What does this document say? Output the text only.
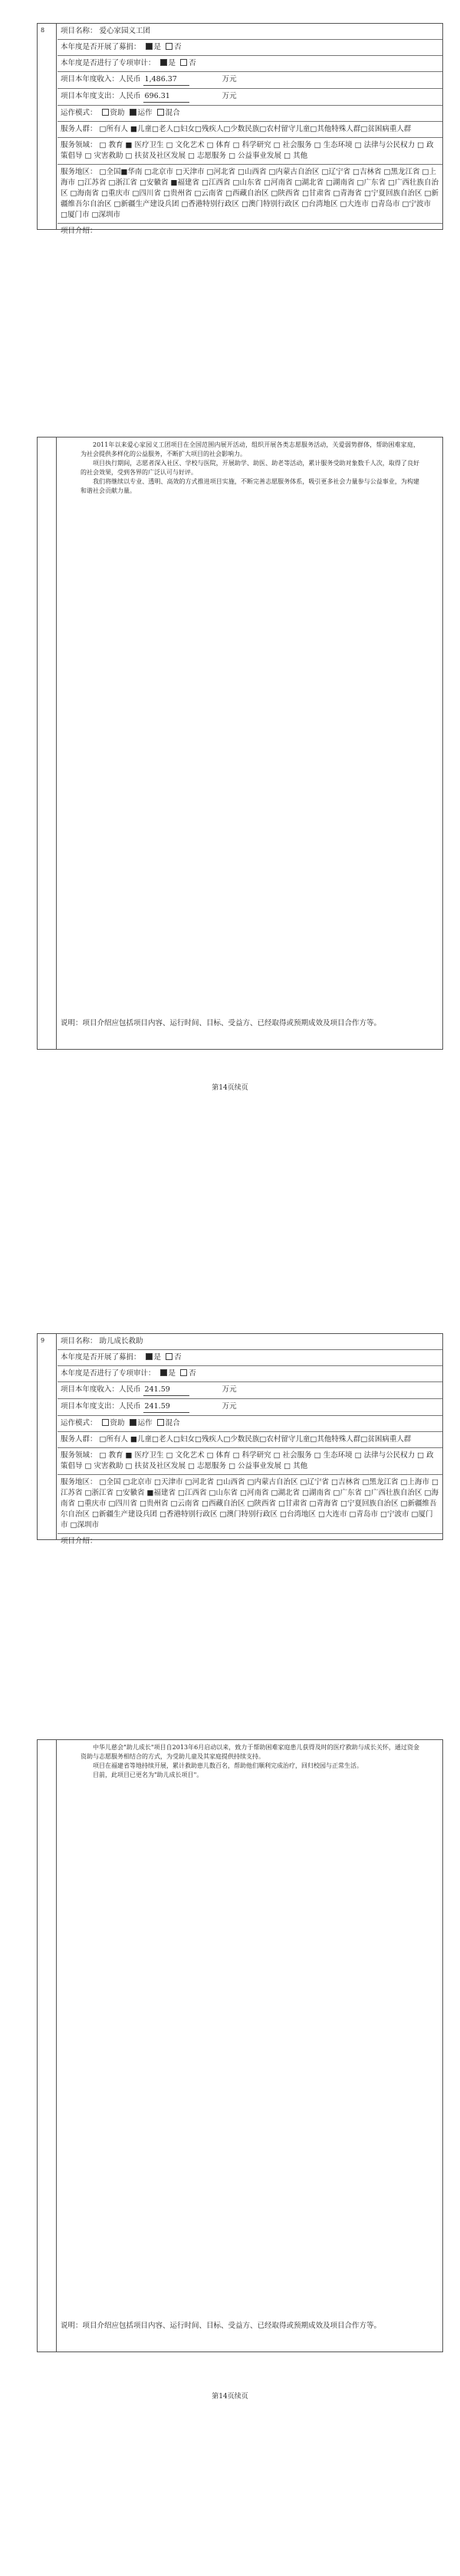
8	项目名称： 爱心家园义工团
本年度是否开展了募捐： 是 否
本年度是否进行了专项审计： 是 否
项目本年度收入：人民币 1,486.37	万元
项目本年度支出：人民币 696.31	万元
运作模式： 资助 运作 混合
服务人群： □所有人 ■儿童□老人□妇女□残疾人□少数民族□农村留守儿童□其他特殊人群□贫困病重人群
服务领域： □ 教育 ■ 医疗卫生 □ 文化艺术 □ 体育 □ 科学研究 □ 社会服务 □ 生态环境 □ 法律与公民权力 □ 政策倡导 □ 灾害救助 □ 扶贫及社区发展 □ 志愿服务 □ 公益事业发展 □ 其他
服务地区： □全国■华南 □北京市 □天津市 □河北省 □山西省 □内蒙古自治区 □辽宁省 □吉林省 □黑龙江省 □上海市 □江苏省 □浙江省 □安徽省 ■福建省 □江西省 □山东省 □河南省 □湖北省 □湖南省 □广东省 □广西壮族自治区 □海南省 □重庆市 □四川省 □贵州省 □云南省 □西藏自治区 □陕西省 □甘肃省 □青海省 □宁夏回族自治区 □新疆维吾尔自治区 □新疆生产建设兵团 □香港特别行政区 □澳门特别行政区 □台湾地区 □大连市 □青岛市 □宁波市 □厦门市 □深圳市
项目介绍：

2011年以来爱心家园义工团项目在全国范围内展开活动，组织开展各类志愿服务活动，关爱弱势群体，帮助困难家庭，为社会提供多样化的公益服务，不断扩大项目的社会影响力。

项目执行期间，志愿者深入社区、学校与医院，开展助学、助医、助老等活动，累计服务受助对象数千人次，取得了良好的社会效果，受到各界的广泛认可与好评。

我们将继续以专业、透明、高效的方式推进项目实施，不断完善志愿服务体系，吸引更多社会力量参与公益事业，为构建和谐社会贡献力量。

说明：项目介绍应包括项目内容、运行时间、目标、受益方、已经取得或预期成效及项目合作方等。
第14页续页
9	项目名称： 助儿成长救助
本年度是否开展了募捐： 是 否
本年度是否进行了专项审计： 是 否
项目本年度收入：人民币 241.59	万元
项目本年度支出：人民币 241.59	万元
运作模式： 资助 运作 混合
服务人群： □所有人 ■儿童□老人□妇女□残疾人□少数民族□农村留守儿童□其他特殊人群□贫困病重人群
服务领域： □ 教育 ■ 医疗卫生 □ 文化艺术 □ 体育 □ 科学研究 □ 社会服务 □ 生态环境 □ 法律与公民权力 □ 政策倡导 □ 灾害救助 □ 扶贫及社区发展 □ 志愿服务 □ 公益事业发展 □ 其他
服务地区： □全国 □北京市 □天津市 □河北省 □山西省 □内蒙古自治区 □辽宁省 □吉林省 □黑龙江省 □上海市 □江苏省 □浙江省 □安徽省 ■福建省 □江西省 □山东省 □河南省 □湖北省 □湖南省 □广东省 □广西壮族自治区 □海南省 □重庆市 □四川省 □贵州省 □云南省 □西藏自治区 □陕西省 □甘肃省 □青海省 □宁夏回族自治区 □新疆维吾尔自治区 □新疆生产建设兵团 □香港特别行政区 □澳门特别行政区 □台湾地区 □大连市 □青岛市 □宁波市 □厦门市 □深圳市
项目介绍：

中华儿慈会"助儿成长"项目自2013年6月启动以来，致力于帮助困难家庭患儿获得及时的医疗救助与成长关怀，通过资金资助与志愿服务相结合的方式，为受助儿童及其家庭提供持续支持。

项目在福建省等地持续开展，累计救助患儿数百名，帮助他们顺利完成治疗，回归校园与正常生活。

目前，此项目已更名为"助儿成长项目"。

说明：项目介绍应包括项目内容、运行时间、目标、受益方、已经取得或预期成效及项目合作方等。
第14页续页
